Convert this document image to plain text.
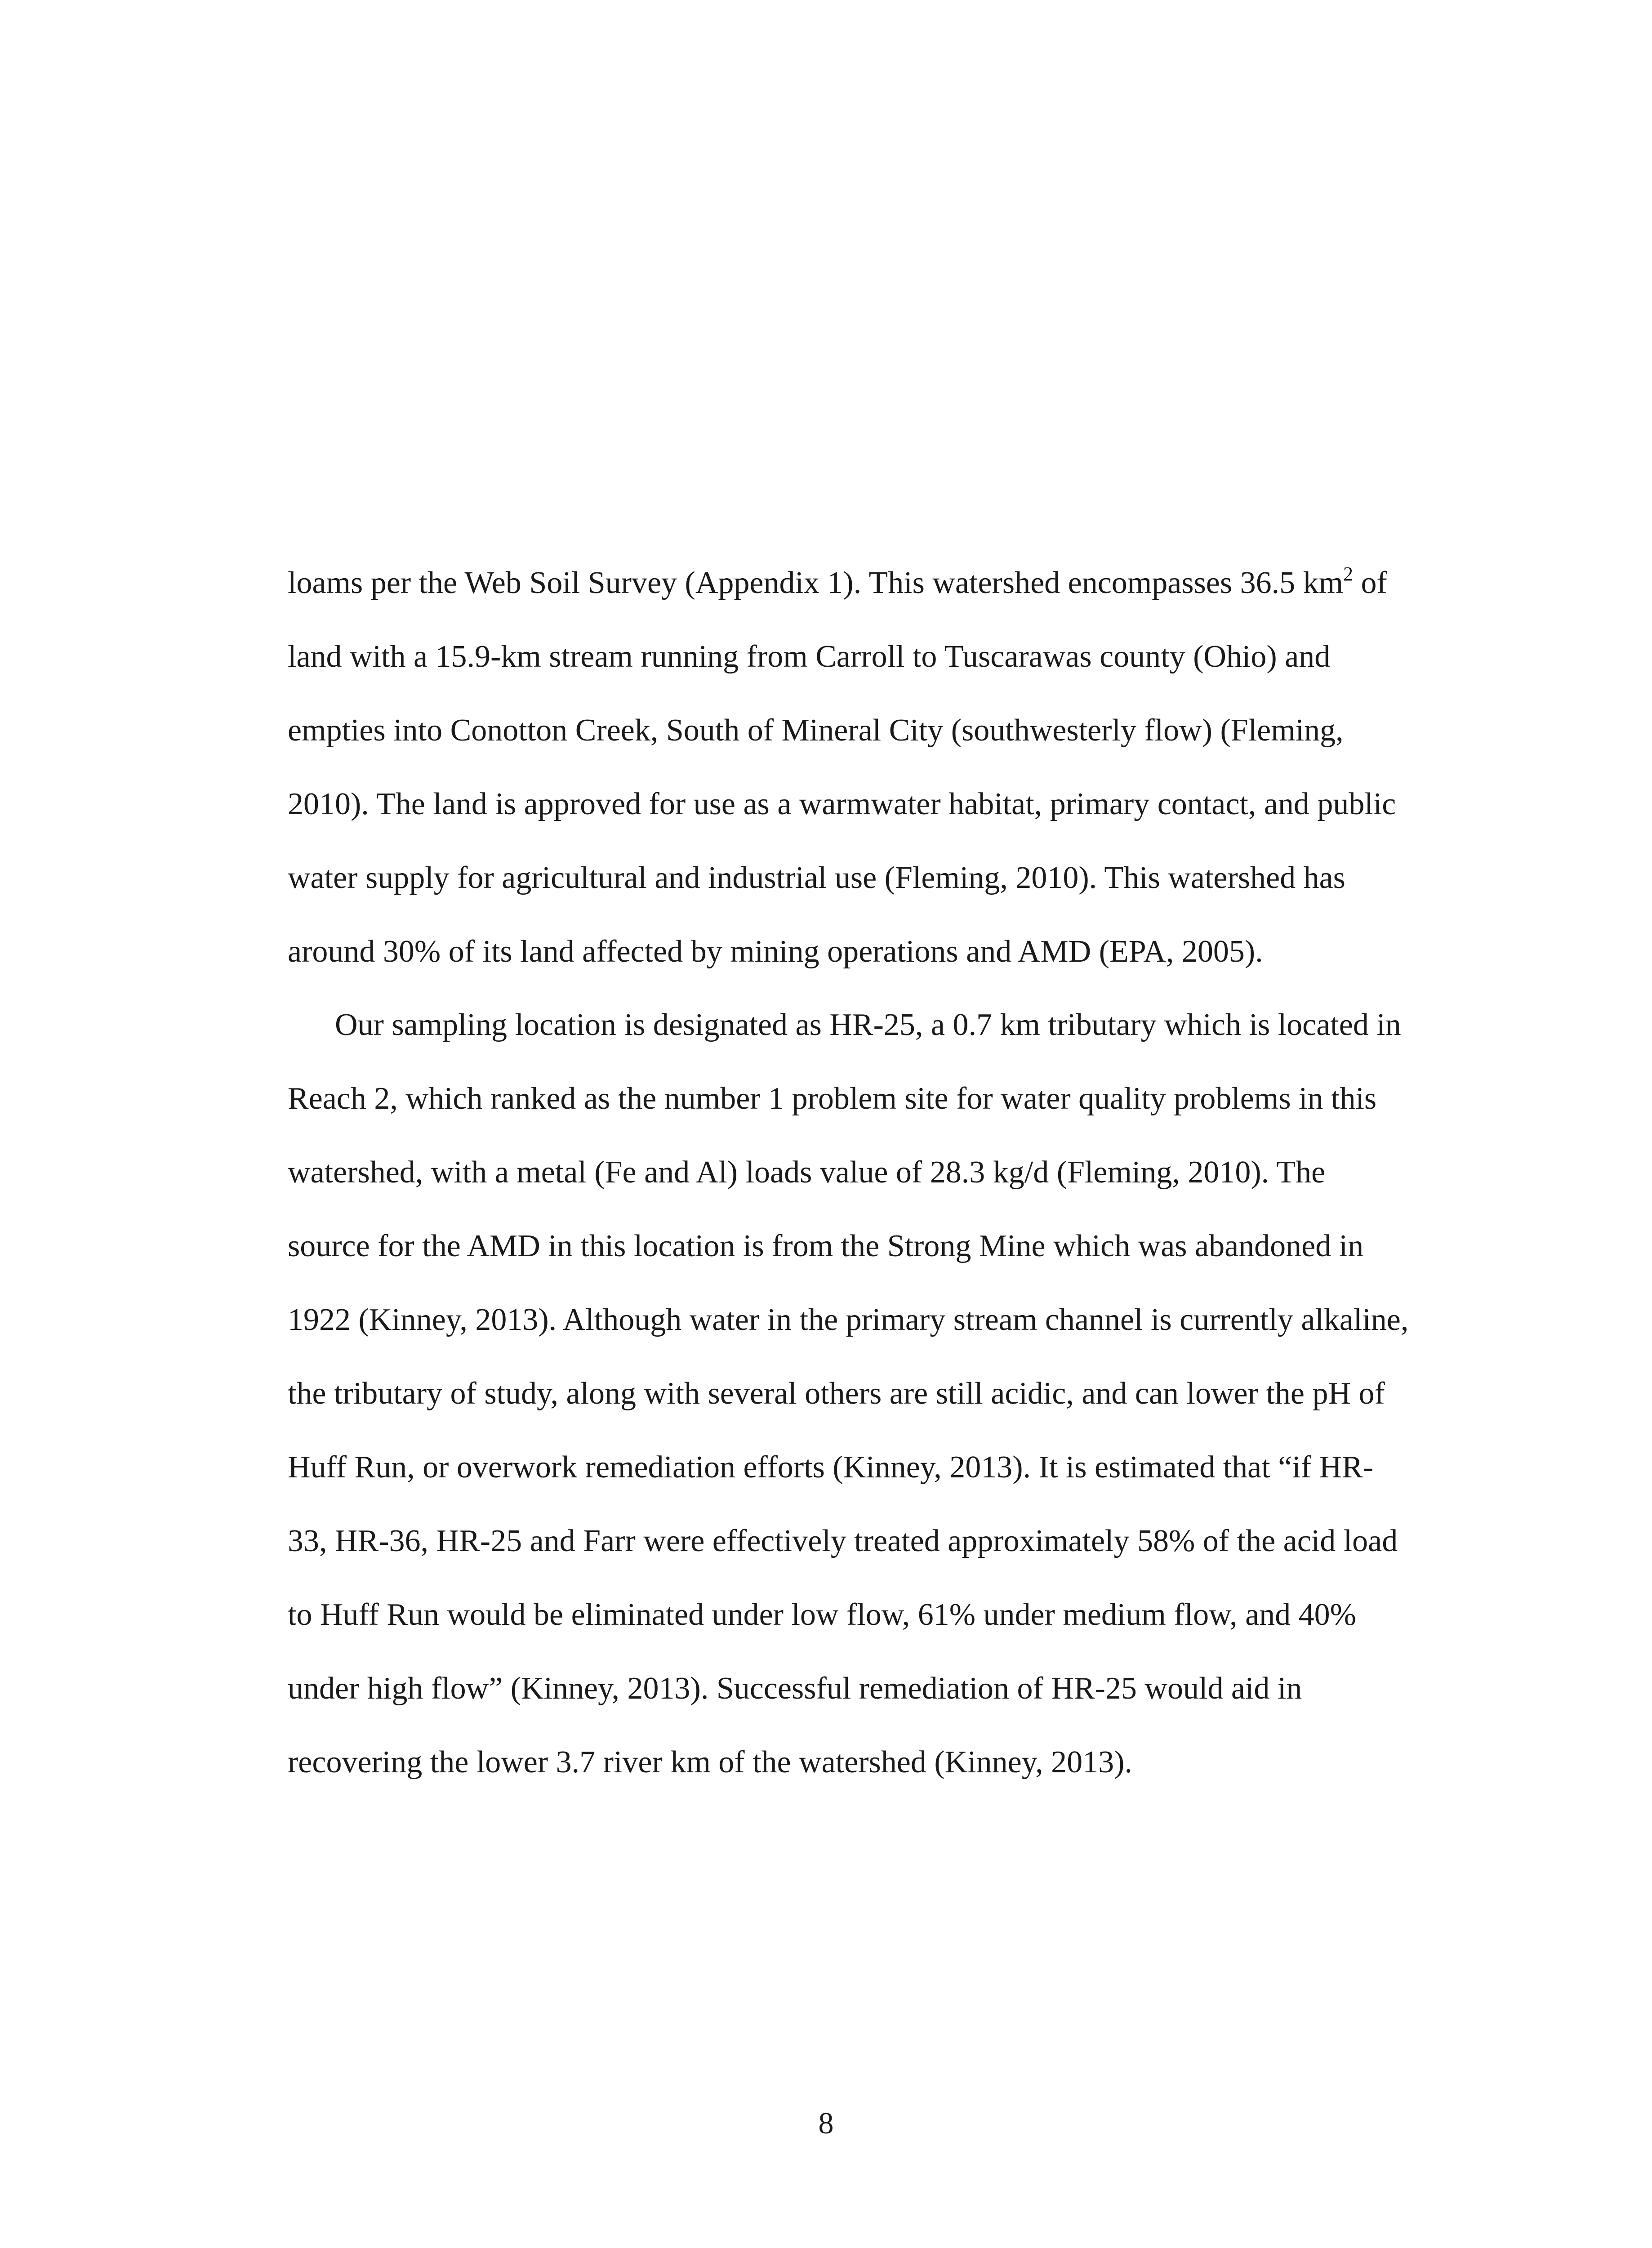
loams per the Web Soil Survey (Appendix 1). This watershed encompasses 36.5 $km^2$ of
land with a 15.9-km stream running from Carroll to Tuscarawas county (Ohio) and
empties into Conotton Creek, South of Mineral City (southwesterly flow) (Fleming,
2010). The land is approved for use as a warmwater habitat, primary contact, and public
water supply for agricultural and industrial use (Fleming, 2010). This watershed has
around 30% of its land affected by mining operations and AMD (EPA, 2005).
Our sampling location is designated as HR-25, a 0.7 km tributary which is located in
Reach 2, which ranked as the number 1 problem site for water quality problems in this
watershed, with a metal (Fe and Al) loads value of 28.3 kg/d (Fleming, 2010). The
source for the AMD in this location is from the Strong Mine which was abandoned in
1922 (Kinney, 2013). Although water in the primary stream channel is currently alkaline,
the tributary of study, along with several others are still acidic, and can lower the pH of
Huff Run, or overwork remediation efforts (Kinney, 2013). It is estimated that “if HR-
33, HR-36, HR-25 and Farr were effectively treated approximately 58% of the acid load
to Huff Run would be eliminated under low flow, 61% under medium flow, and 40%
under high flow” (Kinney, 2013). Successful remediation of HR-25 would aid in
recovering the lower 3.7 river km of the watershed (Kinney, 2013).
8
